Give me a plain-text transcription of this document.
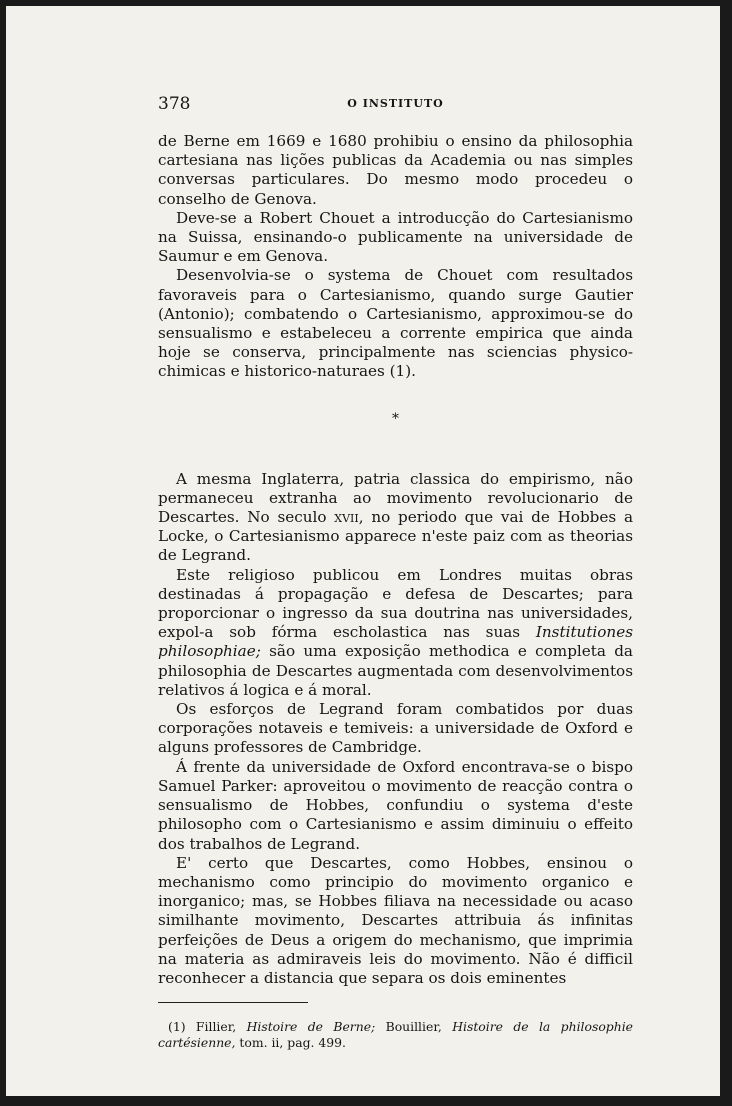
378	O INSTITUTO

de Berne em 1669 e 1680 prohibiu o ensino da philosophia cartesiana nas lições publicas da Academia ou nas simples conversas particulares. Do mesmo modo procedeu o conselho de Genova.

Deve-se a Robert Chouet a introducção do Cartesianismo na Suissa, ensinando-o publicamente na universidade de Saumur e em Genova.

Desenvolvia-se o systema de Chouet com resultados favoraveis para o Cartesianismo, quando surge Gautier (Antonio); combatendo o Cartesianismo, approximou-se do sensualismo e estabeleceu a corrente empirica que ainda hoje se conserva, principalmente nas sciencias physico-chimicas e historico-naturaes (1).

*

A mesma Inglaterra, patria classica do empirismo, não permaneceu extranha ao movimento revolucionario de Descartes. No seculo xvii, no periodo que vai de Hobbes a Locke, o Cartesianismo apparece n'este paiz com as theorias de Legrand.

Este religioso publicou em Londres muitas obras destinadas á propagação e defesa de Descartes; para proporcionar o ingresso da sua doutrina nas universidades, expol-a sob fórma escholastica nas suas Institutiones philosophiae; são uma exposição methodica e completa da philosophia de Descartes augmentada com desenvolvimentos relativos á logica e á moral.

Os esforços de Legrand foram combatidos por duas corporações notaveis e temiveis: a universidade de Oxford e alguns professores de Cambridge.

Á frente da universidade de Oxford encontrava-se o bispo Samuel Parker: aproveitou o movimento de reacção contra o sensualismo de Hobbes, confundiu o systema d'este philosopho com o Cartesianismo e assim diminuiu o effeito dos trabalhos de Legrand.

E' certo que Descartes, como Hobbes, ensinou o mechanismo como principio do movimento organico e inorganico; mas, se Hobbes filiava na necessidade ou acaso similhante movimento, Descartes attribuia ás infinitas perfeições de Deus a origem do mechanismo, que imprimia na materia as admiraveis leis do movimento. Não é difficil reconhecer a distancia que separa os dois eminentes

(1) Fillier, Histoire de Berne; Bouillier, Histoire de la philosophie cartésienne, tom. ii, pag. 499.
